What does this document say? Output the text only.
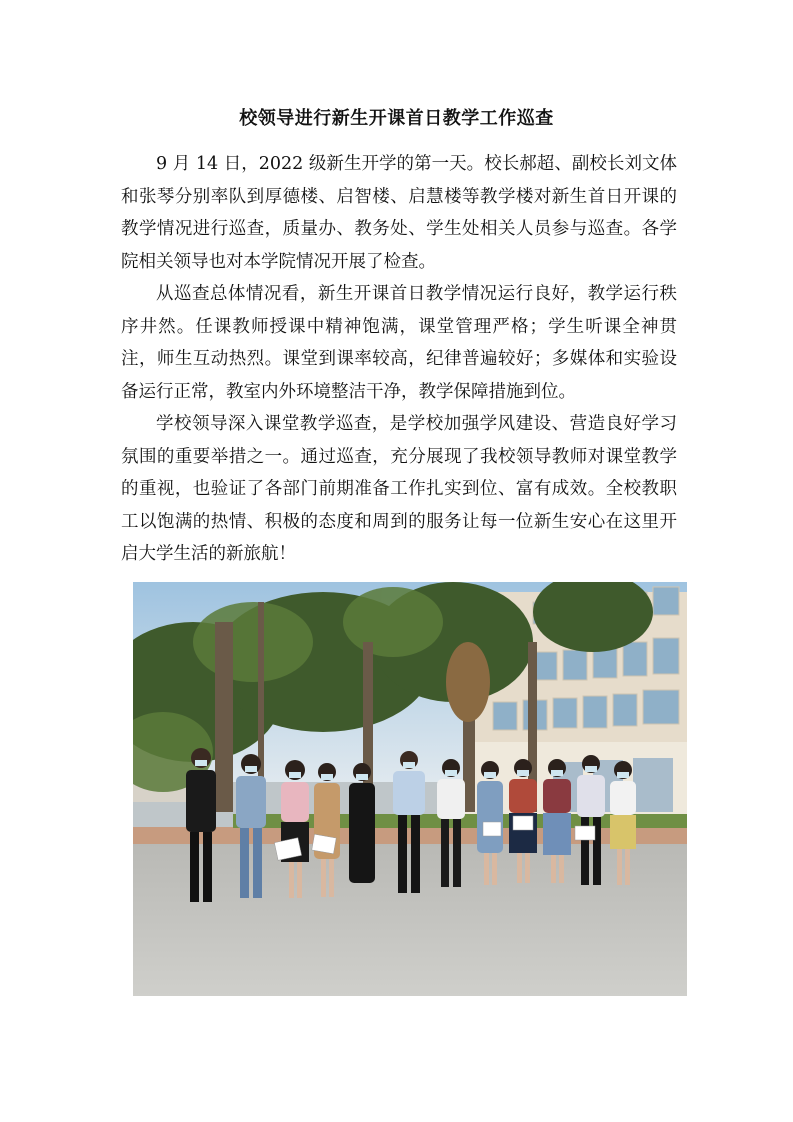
校领导进行新生开课首日教学工作巡查

9 月 14 日，2022 级新生开学的第一天。校长郝超、副校长刘文体和张琴分别率队到厚德楼、启智楼、启慧楼等教学楼对新生首日开课的教学情况进行巡查，质量办、教务处、学生处相关人员参与巡查。各学院相关领导也对本学院情况开展了检查。

从巡查总体情况看，新生开课首日教学情况运行良好，教学运行秩序井然。任课教师授课中精神饱满，课堂管理严格；学生听课全神贯注，师生互动热烈。课堂到课率较高，纪律普遍较好；多媒体和实验设备运行正常，教室内外环境整洁干净，教学保障措施到位。

学校领导深入课堂教学巡查，是学校加强学风建设、营造良好学习氛围的重要举措之一。通过巡查，充分展现了我校领导教师对课堂教学的重视，也验证了各部门前期准备工作扎实到位、富有成效。全校教职工以饱满的热情、积极的态度和周到的服务让每一位新生安心在这里开启大学生活的新旅航！
